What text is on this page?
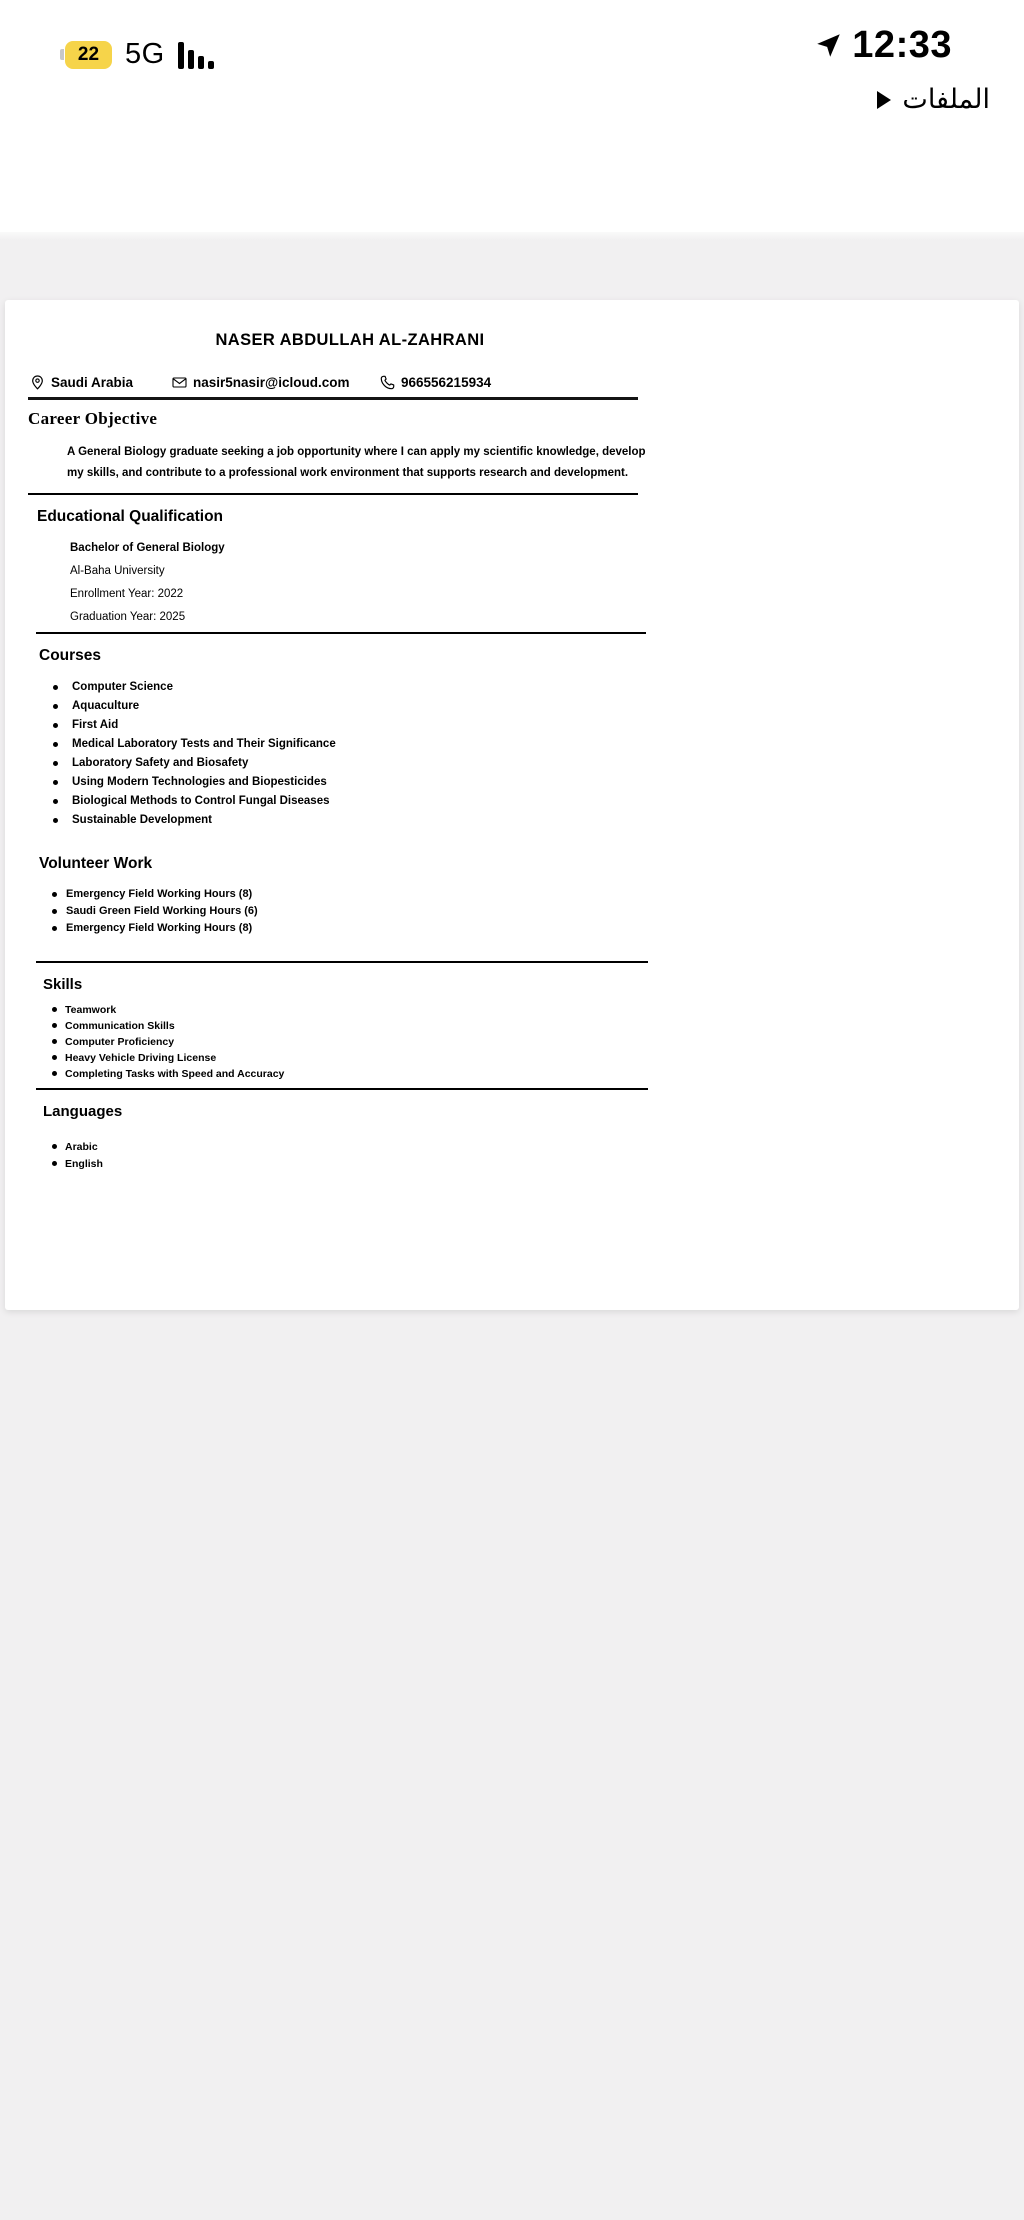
22 5G	12:33
الملفات
NASER ABDULLAH AL-ZAHRANI
Saudi Arabia	nasir5nasir@icloud.com	966556215934
Career Objective
A General Biology graduate seeking a job opportunity where I can apply my scientific knowledge, develop my skills, and contribute to a professional work environment that supports research and development.
Educational Qualification
Bachelor of General Biology
Al-Baha University
Enrollment Year: 2022
Graduation Year: 2025
Courses
Computer Science
Aquaculture
First Aid
Medical Laboratory Tests and Their Significance
Laboratory Safety and Biosafety
Using Modern Technologies and Biopesticides
Biological Methods to Control Fungal Diseases
Sustainable Development
Volunteer Work
Emergency Field Working Hours (8)
Saudi Green Field Working Hours (6)
Emergency Field Working Hours (8)
Skills
Teamwork
Communication Skills
Computer Proficiency
Heavy Vehicle Driving License
Completing Tasks with Speed and Accuracy
Languages
Arabic
English
